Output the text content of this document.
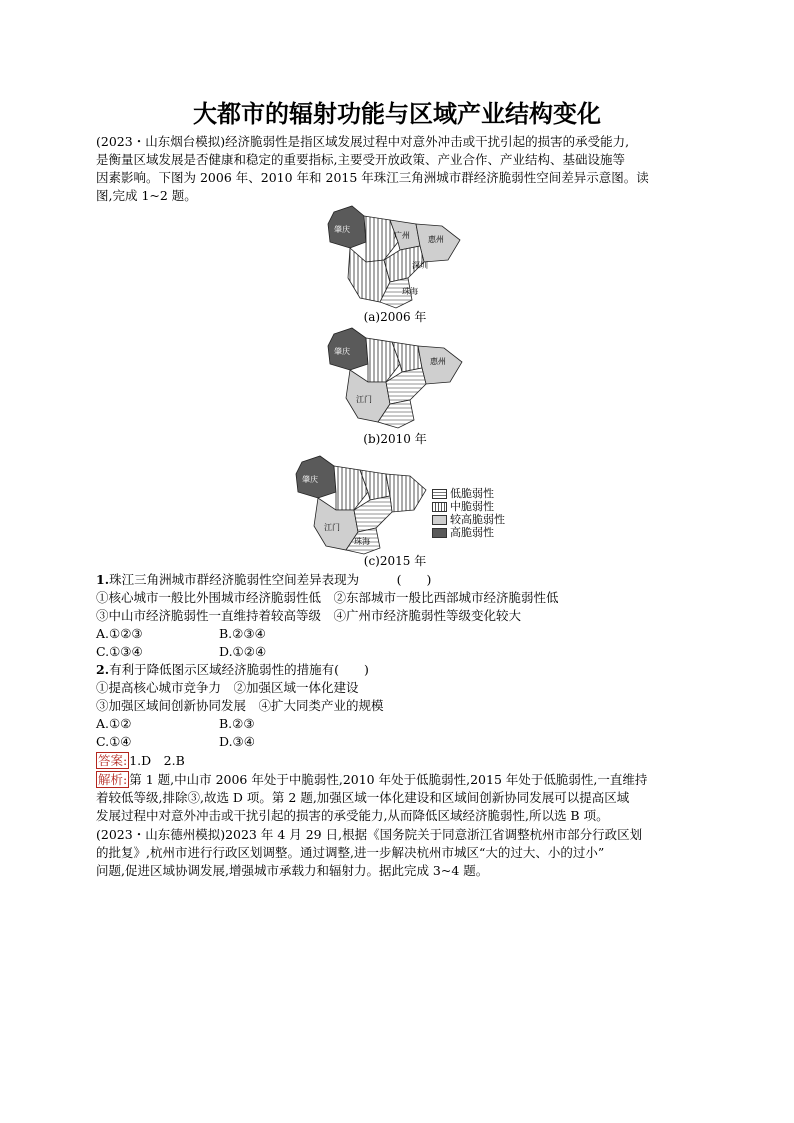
大都市的辐射功能与区域产业结构变化
(2023・山东烟台模拟)经济脆弱性是指区域发展过程中对意外冲击或干扰引起的损害的承受能力,
是衡量区域发展是否健康和稳定的重要指标,主要受开放政策、产业合作、产业结构、基础设施等
因素影响。下图为 2006 年、2010 年和 2015 年珠江三角洲城市群经济脆弱性空间差异示意图。读
图,完成 1~2 题。
肇庆
广州 惠州
深圳
珠海
(a)2006 年
肇庆
惠州
江门
(b)2010 年
肇庆
江门
珠海
低脆弱性
中脆弱性
较高脆弱性
高脆弱性
(c)2015 年
1.珠江三角洲城市群经济脆弱性空间差异表现为　　　(　　)
①核心城市一般比外围城市经济脆弱性低　②东部城市一般比西部城市经济脆弱性低
③中山市经济脆弱性一直维持着较高等级　④广州市经济脆弱性等级变化较大
A.①②③	B.②③④
C.①③④	D.①②④
2.有利于降低图示区域经济脆弱性的措施有(　　)
①提高核心城市竞争力　②加强区域一体化建设
③加强区域间创新协同发展　④扩大同类产业的规模
A.①②	B.②③
C.①④	D.③④
答案: 1.D　2.B
解析: 第 1 题,中山市 2006 年处于中脆弱性,2010 年处于低脆弱性,2015 年处于低脆弱性,一直维持
着较低等级,排除③,故选 D 项。第 2 题,加强区域一体化建设和区域间创新协同发展可以提高区域
发展过程中对意外冲击或干扰引起的损害的承受能力,从而降低区域经济脆弱性,所以选 B 项。
(2023・山东德州模拟)2023 年 4 月 29 日,根据《国务院关于同意浙江省调整杭州市部分行政区划
的批复》,杭州市进行行政区划调整。通过调整,进一步解决杭州市城区“大的过大、小的过小”
问题,促进区域协调发展,增强城市承载力和辐射力。据此完成 3~4 题。
